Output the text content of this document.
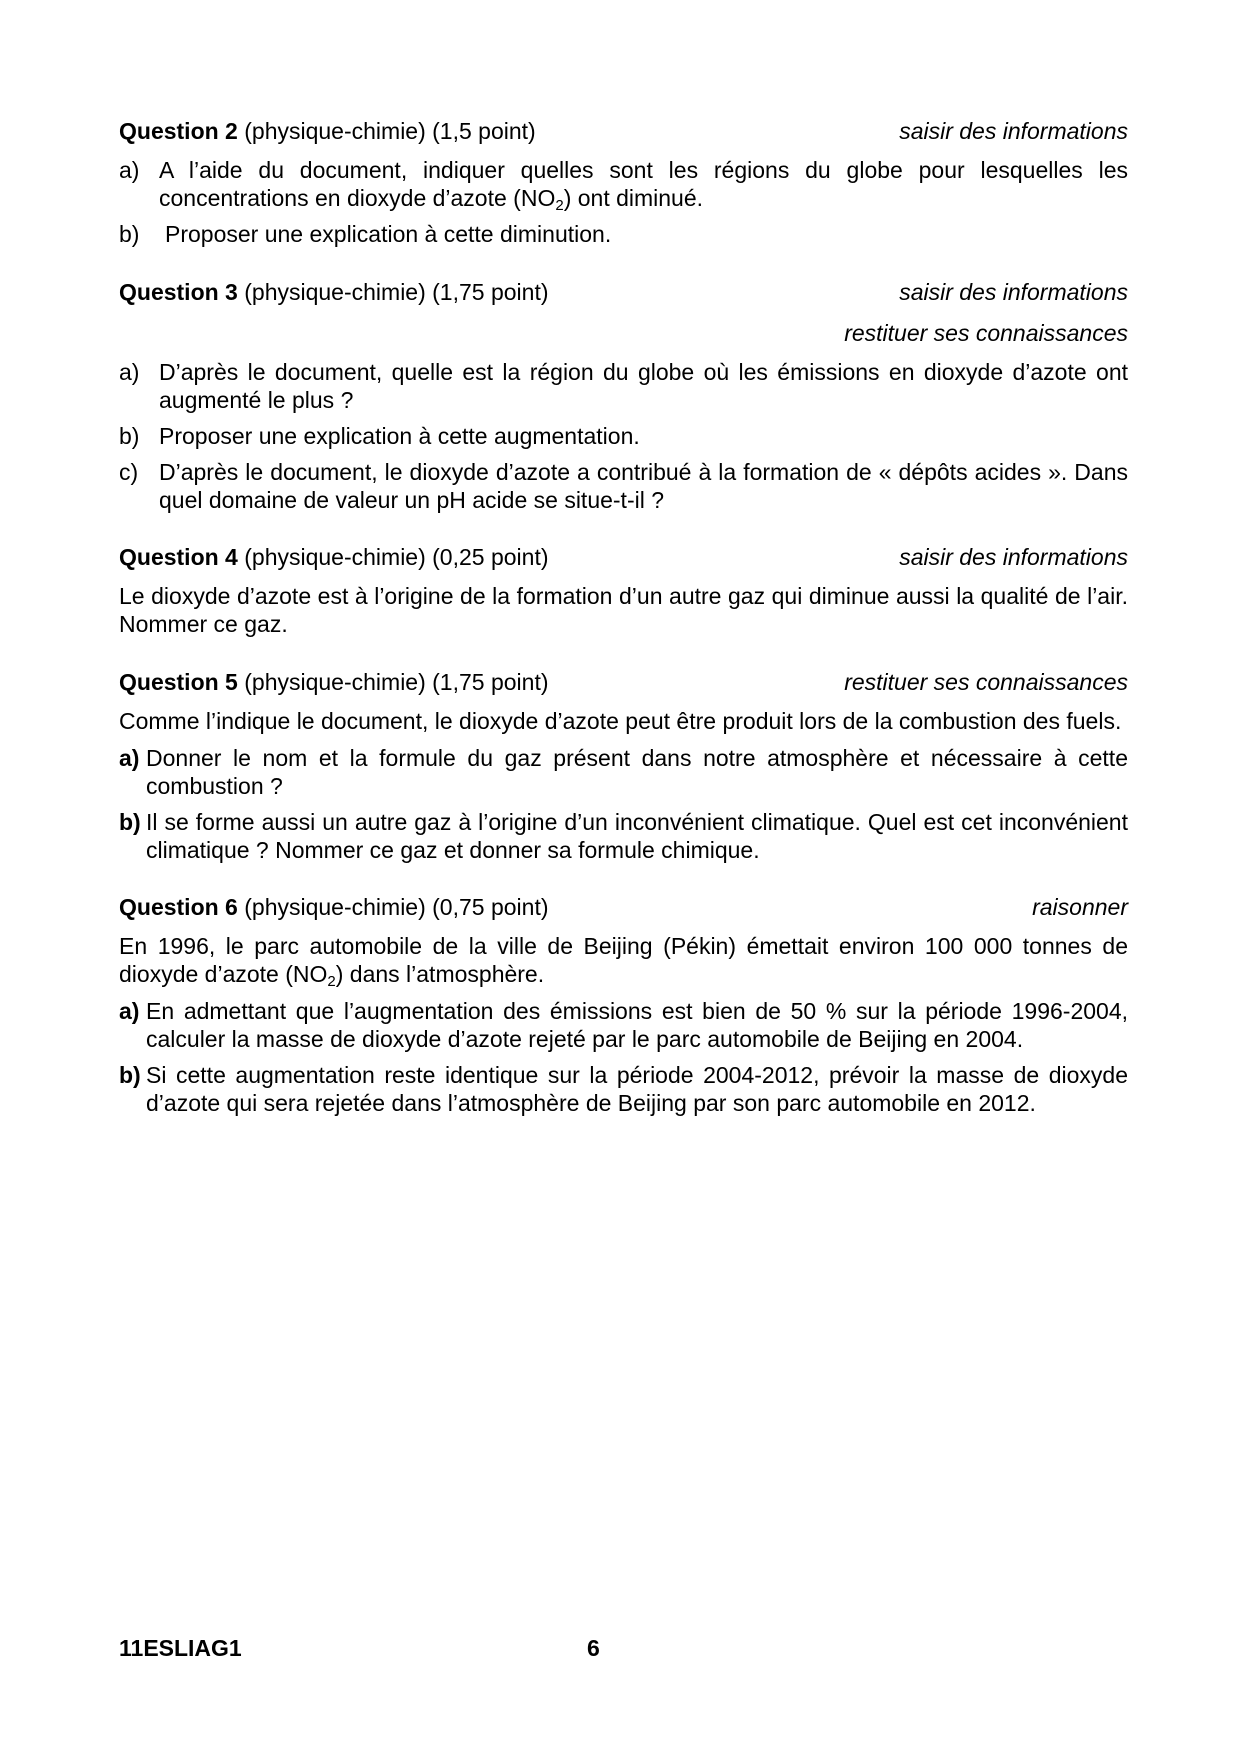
Question 2 (physique-chimie) (1,5 point)	saisir des informations
a) A l’aide du document, indiquer quelles sont les régions du globe pour lesquelles les concentrations en dioxyde d’azote $(NO_2)$ ont diminué.
b)	Proposer une explication à cette diminution.
Question 3 (physique-chimie) (1,75 point)	saisir des informations
restituer ses connaissances
a) D’après le document, quelle est la région du globe où les émissions en dioxyde d’azote ont augmenté le plus ?
b) Proposer une explication à cette augmentation.
c) D’après le document, le dioxyde d’azote a contribué à la formation de « dépôts acides ». Dans quel domaine de valeur un pH acide se situe-t-il ?
Question 4 (physique-chimie) (0,25 point)	saisir des informations
Le dioxyde d’azote est à l’origine de la formation d’un autre gaz qui diminue aussi la qualité de l’air. Nommer ce gaz.
Question 5 (physique-chimie) (1,75 point)	restituer ses connaissances
Comme l’indique le document, le dioxyde d’azote peut être produit lors de la combustion des fuels.
a) Donner le nom et la formule du gaz présent dans notre atmosphère et nécessaire à cette combustion ?
b) Il se forme aussi un autre gaz à l’origine d’un inconvénient climatique. Quel est cet inconvénient climatique ? Nommer ce gaz et donner sa formule chimique.
Question 6 (physique-chimie) (0,75 point)	raisonner
En 1996, le parc automobile de la ville de Beijing (Pékin) émettait environ 100 000 tonnes de dioxyde d’azote $(NO_2)$ dans l’atmosphère.
a) En admettant que l’augmentation des émissions est bien de 50 % sur la période 1996-2004, calculer la masse de dioxyde d’azote rejeté par le parc automobile de Beijing en 2004.
b) Si cette augmentation reste identique sur la période 2004-2012, prévoir la masse de dioxyde d’azote qui sera rejetée dans l’atmosphère de Beijing par son parc automobile en 2012.
11ESLIAG1	6
